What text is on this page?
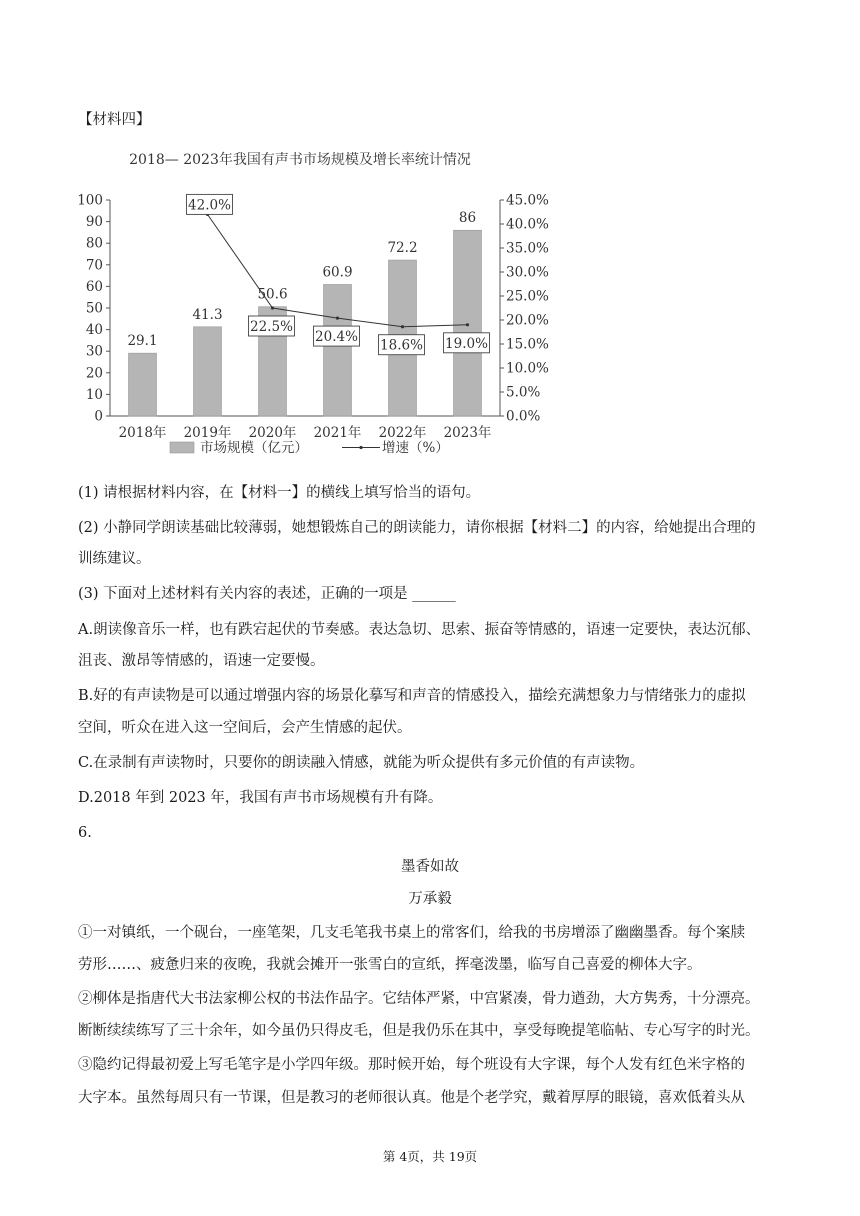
【材料四】
2018— 2023年我国有声书市场规模及增长率统计情况
0
10
20
30
40
50
60
70
80
90
100
2018年 2019年 2020年 2021年 2022年 2023年
0.0%
5.0%
10.0%
15.0%
20.0%
25.0%
30.0%
35.0%
40.0%
45.0%
29.1
41.3
50.6
60.9
72.2
86
42.0%
22.5%
20.4%
18.6% 19.0%
市场规模（亿元）	增速（%）
(1) 请根据材料内容，在【材料一】的横线上填写恰当的语句。
(2) 小静同学朗读基础比较薄弱，她想锻炼自己的朗读能力，请你根据【材料二】的内容，给她提出合理的
训练建议。
(3) 下面对上述材料有关内容的表述，正确的一项是 ______
A.朗读像音乐一样，也有跌宕起伏的节奏感。表达急切、思索、振奋等情感的，语速一定要快，表达沉郁、
沮丧、激昂等情感的，语速一定要慢。
B.好的有声读物是可以通过增强内容的场景化摹写和声音的情感投入，描绘充满想象力与情绪张力的虚拟
空间，听众在进入这一空间后，会产生情感的起伏。
C.在录制有声读物时，只要你的朗读融入情感，就能为听众提供有多元价值的有声读物。
D.2018 年到 2023 年，我国有声书市场规模有升有降。
6.
墨香如故
万承毅
①一对镇纸，一个砚台，一座笔架，几支毛笔我书桌上的常客们，给我的书房增添了幽幽墨香。每个案牍
劳形……、疲惫归来的夜晚，我就会摊开一张雪白的宣纸，挥毫泼墨，临写自己喜爱的柳体大字。
②柳体是指唐代大书法家柳公权的书法作品字。它结体严紧，中宫紧凑，骨力遒劲，大方隽秀，十分漂亮。
断断续续练写了三十余年，如今虽仍只得皮毛，但是我仍乐在其中，享受每晚提笔临帖、专心写字的时光。
③隐约记得最初爱上写毛笔字是小学四年级。那时候开始，每个班设有大字课，每个人发有红色米字格的
大字本。虽然每周只有一节课，但是教习的老师很认真。他是个老学究，戴着厚厚的眼镜，喜欢低着头从
第 4页，共 19页
